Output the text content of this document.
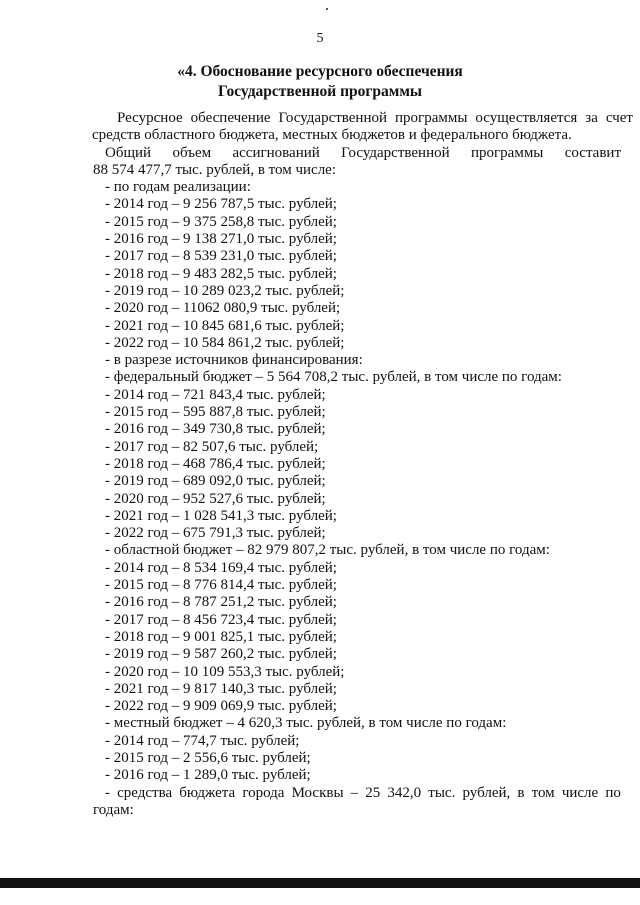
5
«4. Обоснование ресурсного обеспечения
Государственной программы
Ресурсное обеспечение Государственной программы осуществляется за счет
средств областного бюджета, местных бюджетов и федерального бюджета.
Общий объем ассигнований Государственной программы составит
88 574 477,7 тыс. рублей, в том числе:
- по годам реализации:
- 2014 год – 9 256 787,5 тыс. рублей;
- 2015 год – 9 375 258,8 тыс. рублей;
- 2016 год – 9 138 271,0 тыс. рублей;
- 2017 год – 8 539 231,0 тыс. рублей;
- 2018 год – 9 483 282,5 тыс. рублей;
- 2019 год – 10 289 023,2 тыс. рублей;
- 2020 год – 11062 080,9 тыс. рублей;
- 2021 год – 10 845 681,6 тыс. рублей;
- 2022 год – 10 584 861,2 тыс. рублей;
- в разрезе источников финансирования:
- федеральный бюджет – 5 564 708,2 тыс. рублей, в том числе по годам:
- 2014 год – 721 843,4 тыс. рублей;
- 2015 год – 595 887,8 тыс. рублей;
- 2016 год – 349 730,8 тыс. рублей;
- 2017 год – 82 507,6 тыс. рублей;
- 2018 год – 468 786,4 тыс. рублей;
- 2019 год – 689 092,0 тыс. рублей;
- 2020 год – 952 527,6 тыс. рублей;
- 2021 год – 1 028 541,3 тыс. рублей;
- 2022 год – 675 791,3 тыс. рублей;
- областной бюджет – 82 979 807,2 тыс. рублей, в том числе по годам:
- 2014 год – 8 534 169,4 тыс. рублей;
- 2015 год – 8 776 814,4 тыс. рублей;
- 2016 год – 8 787 251,2 тыс. рублей;
- 2017 год – 8 456 723,4 тыс. рублей;
- 2018 год – 9 001 825,1 тыс. рублей;
- 2019 год – 9 587 260,2 тыс. рублей;
- 2020 год – 10 109 553,3 тыс. рублей;
- 2021 год – 9 817 140,3 тыс. рублей;
- 2022 год – 9 909 069,9 тыс. рублей;
- местный бюджет – 4 620,3 тыс. рублей, в том числе по годам:
- 2014 год – 774,7 тыс. рублей;
- 2015 год – 2 556,6 тыс. рублей;
- 2016 год – 1 289,0 тыс. рублей;
- средства бюджета города Москвы – 25 342,0 тыс. рублей, в том числе по
годам:
